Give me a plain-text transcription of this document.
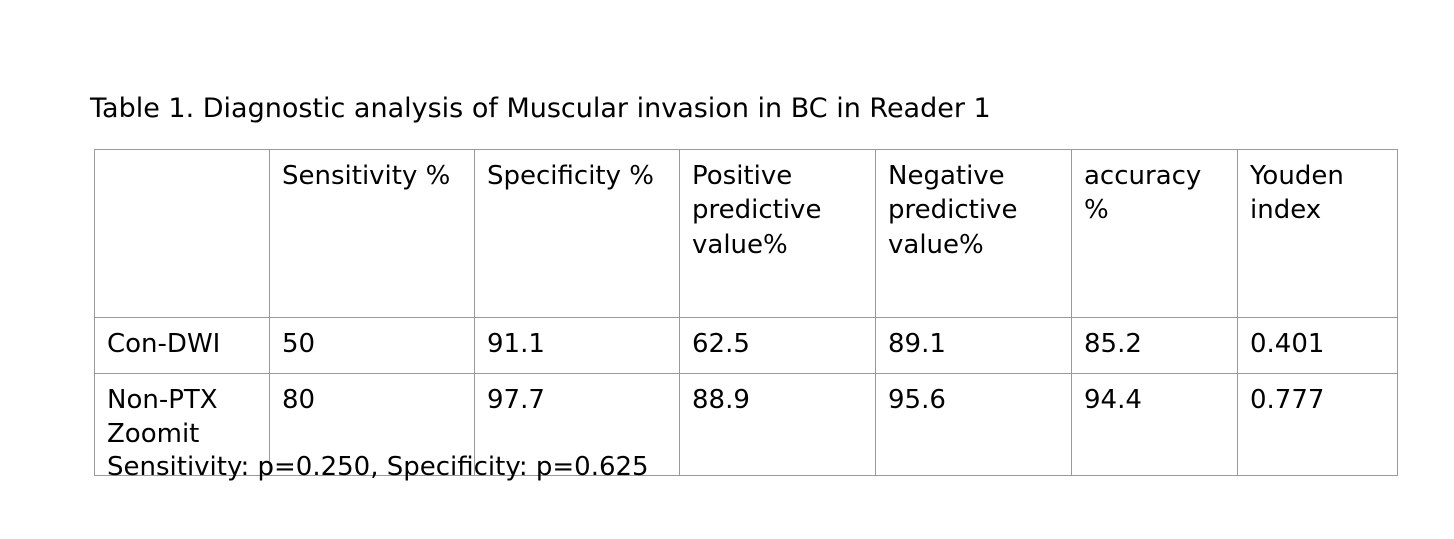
Table 1. Diagnostic analysis of Muscular invasion in BC in Reader 1
	Sensitivity %	Specificity %	Positive predictive value%	Negative predictive value%	accuracy %	Youden index
Con-DWI	50	91.1	62.5	89.1	85.2	0.401
Non-PTX Zoomit	80	97.7	88.9	95.6	94.4	0.777
Sensitivity: p=0.250, Specificity: p=0.625
